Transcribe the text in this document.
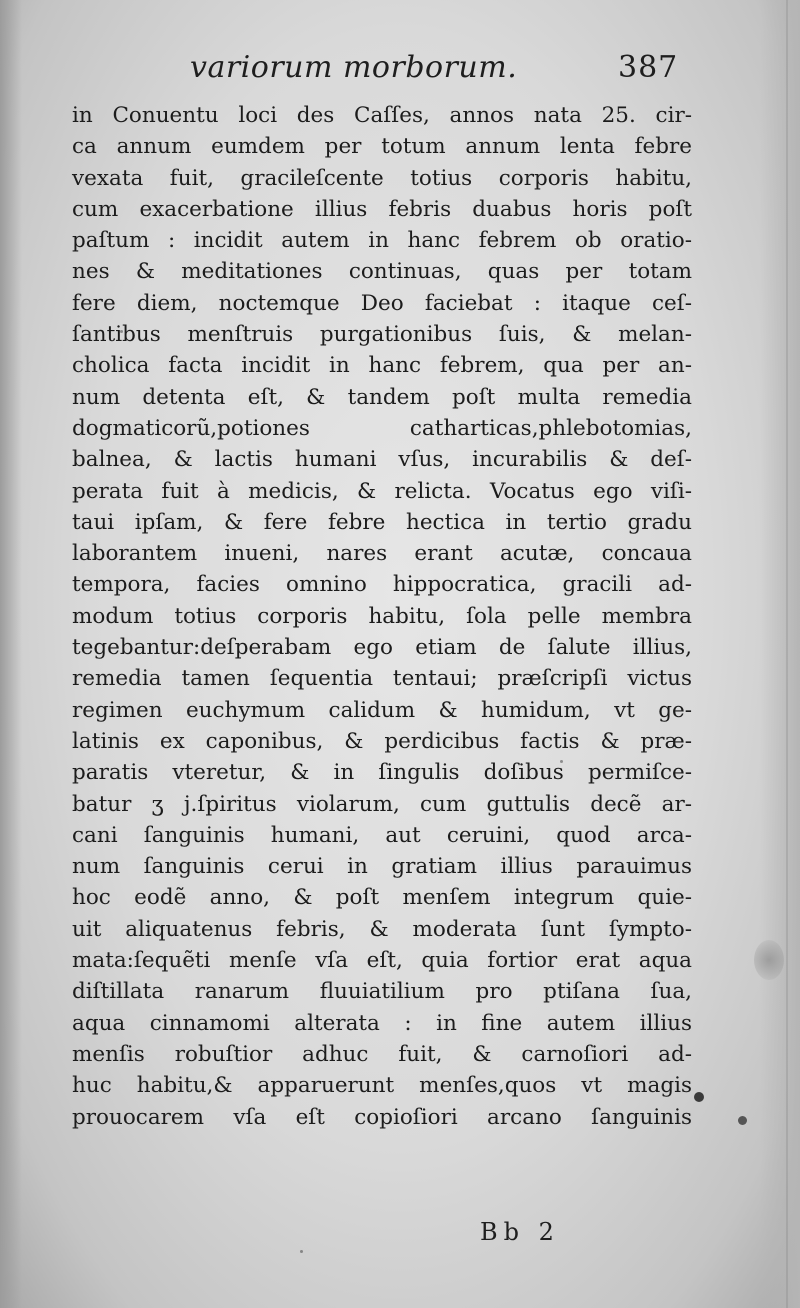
variorum morborum.	387
in Conuentu loci des Caſſes, annos nata 25. cir-
ca annum eumdem per totum annum lenta febre
vexata fuit, gracileſcente totius corporis habitu,
cum exacerbatione illius febris duabus horis poſt
paſtum : incidit autem in hanc febrem ob oratio-
nes & meditationes continuas, quas per totam
fere diem, noctemque Deo faciebat : itaque ceſ-
ſantibus menſtruis purgationibus ſuis, & melan-
cholica facta incidit in hanc febrem, qua per an-
num detenta eſt, & tandem poſt multa remedia
dogmaticorũ,potiones catharticas,phlebotomias,
balnea, & lactis humani vſus, incurabilis & deſ-
perata fuit à medicis, & relicta. Vocatus ego viſi-
taui ipſam, & fere febre hectica in tertio gradu
laborantem inueni, nares erant acutæ, concaua
tempora, facies omnino hippocratica, gracili ad-
modum totius corporis habitu, ſola pelle membra
tegebantur:deſperabam ego etiam de ſalute illius,
remedia tamen ſequentia tentaui; præſcripſi victus
regimen euchymum calidum & humidum, vt ge-
latinis ex caponibus, & perdicibus factis & præ-
paratis vteretur, & in ſingulis doſibus permiſce-
batur ʒ j.ſpiritus violarum, cum guttulis decẽ ar-
cani ſanguinis humani, aut ceruini, quod arca-
num ſanguinis cerui in gratiam illius parauimus
hoc eodẽ anno, & poſt menſem integrum quie-
uit aliquatenus febris, & moderata ſunt ſympto-
mata:ſequẽti menſe vſa eſt, quia fortior erat aqua
diſtillata ranarum fluuiatilium pro ptiſana ſua,
aqua cinnamomi alterata : in fine autem illius
menſis robuſtior adhuc fuit, & carnoſiori ad-
huc habitu,& apparuerunt menſes,quos vt magis
prouocarem vſa eſt copioſiori arcano ſanguinis
Bb 2
